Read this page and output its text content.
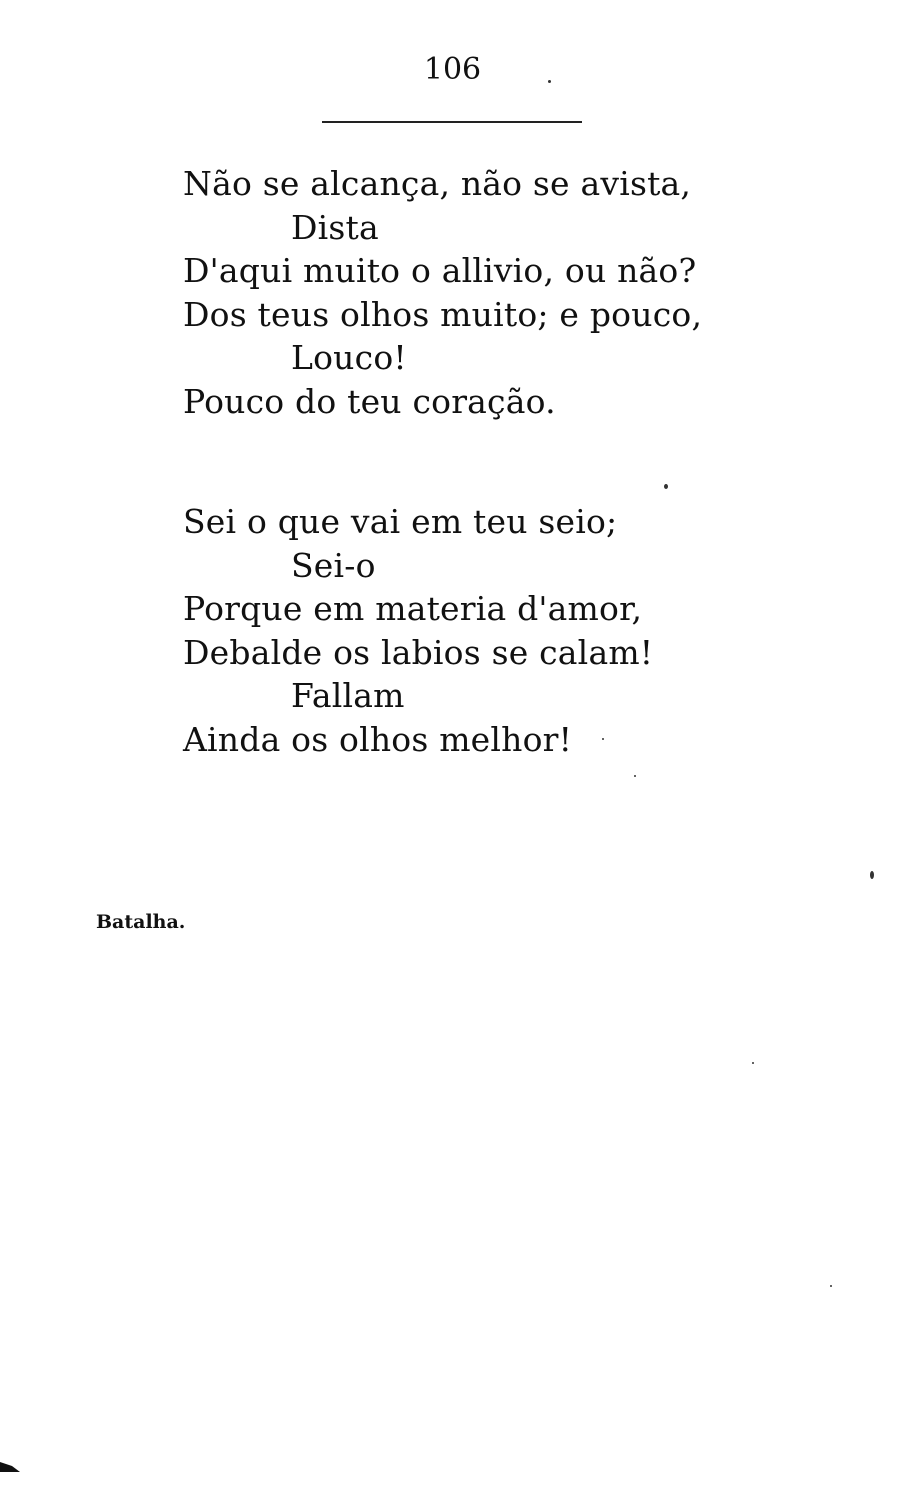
106
Não se alcança, não se avista,
Dista
D'aqui muito o allivio, ou não?
Dos teus olhos muito; e pouco,
Louco!
Pouco do teu coração.
Sei o que vai em teu seio;
Sei-o
Porque em materia d'amor,
Debalde os labios se calam!
Fallam
Ainda os olhos melhor!
Batalha.
